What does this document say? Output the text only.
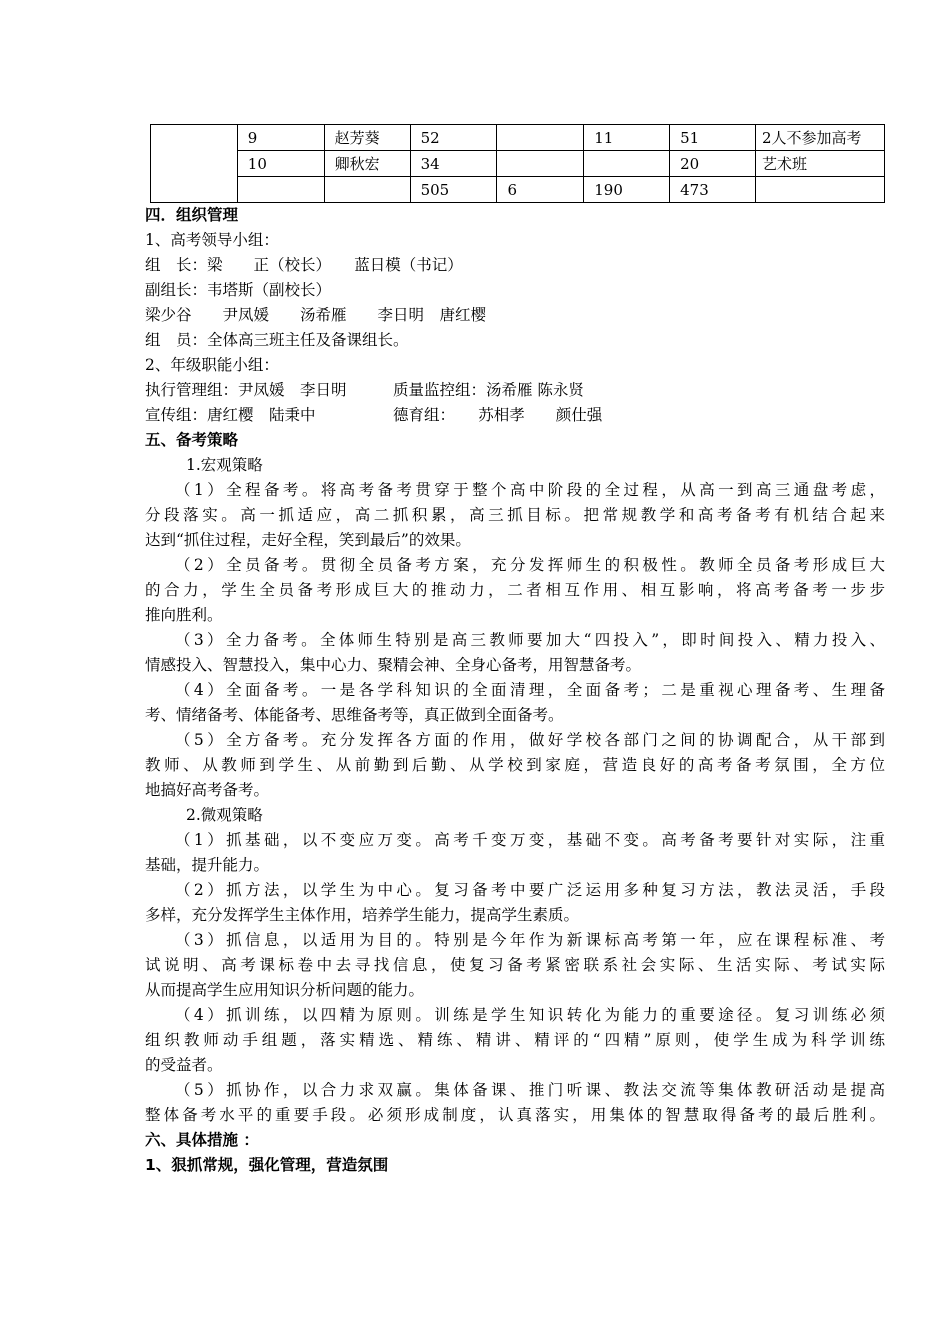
	9	赵芳葵	52		11	51	2人不参加高考
	10	卿秋宏	34			20	艺术班
			505	6	190	473	
四．组织管理
1、高考领导小组：
组　长：梁　　正（校长）　　蓝日模（书记）
副组长：韦塔斯（副校长）
梁少谷　　尹凤媛　　汤希雁　　李日明　唐红樱
组　员：全体高三班主任及备课组长。
2、年级职能小组：
执行管理组：尹凤媛　李日明　　　质量监控组：汤希雁 陈永贤
宣传组：唐红樱　陆秉中　　　　　德育组：　　苏相孝　　颜仕强
五、备考策略
1.宏观策略
（1）全程备考。将高考备考贯穿于整个高中阶段的全过程，从高一到高三通盘考虑，
分段落实。高一抓适应，高二抓积累，高三抓目标。把常规教学和高考备考有机结合起来
达到“抓住过程，走好全程，笑到最后”的效果。
（2）全员备考。贯彻全员备考方案，充分发挥师生的积极性。教师全员备考形成巨大
的合力，学生全员备考形成巨大的推动力，二者相互作用、相互影响，将高考备考一步步
推向胜利。
（3）全力备考。全体师生特别是高三教师要加大“四投入”，即时间投入、精力投入、
情感投入、智慧投入，集中心力、聚精会神、全身心备考，用智慧备考。
（4）全面备考。一是各学科知识的全面清理，全面备考；二是重视心理备考、生理备
考、情绪备考、体能备考、思维备考等，真正做到全面备考。
（5）全方备考。充分发挥各方面的作用，做好学校各部门之间的协调配合，从干部到
教师、从教师到学生、从前勤到后勤、从学校到家庭，营造良好的高考备考氛围，全方位
地搞好高考备考。
2.微观策略
（1）抓基础，以不变应万变。高考千变万变，基础不变。高考备考要针对实际，注重
基础，提升能力。
（2）抓方法，以学生为中心。复习备考中要广泛运用多种复习方法，教法灵活，手段
多样，充分发挥学生主体作用，培养学生能力，提高学生素质。
（3）抓信息，以适用为目的。特别是今年作为新课标高考第一年，应在课程标准、考
试说明、高考课标卷中去寻找信息，使复习备考紧密联系社会实际、生活实际、考试实际
从而提高学生应用知识分析问题的能力。
（4）抓训练，以四精为原则。训练是学生知识转化为能力的重要途径。复习训练必须
组织教师动手组题，落实精选、精练、精讲、精评的“四精”原则，使学生成为科学训练
的受益者。
（5）抓协作，以合力求双赢。集体备课、推门听课、教法交流等集体教研活动是提高
整体备考水平的重要手段。必须形成制度，认真落实，用集体的智慧取得备考的最后胜利。
六、具体措施 ：
1、狠抓常规，强化管理，营造氛围
